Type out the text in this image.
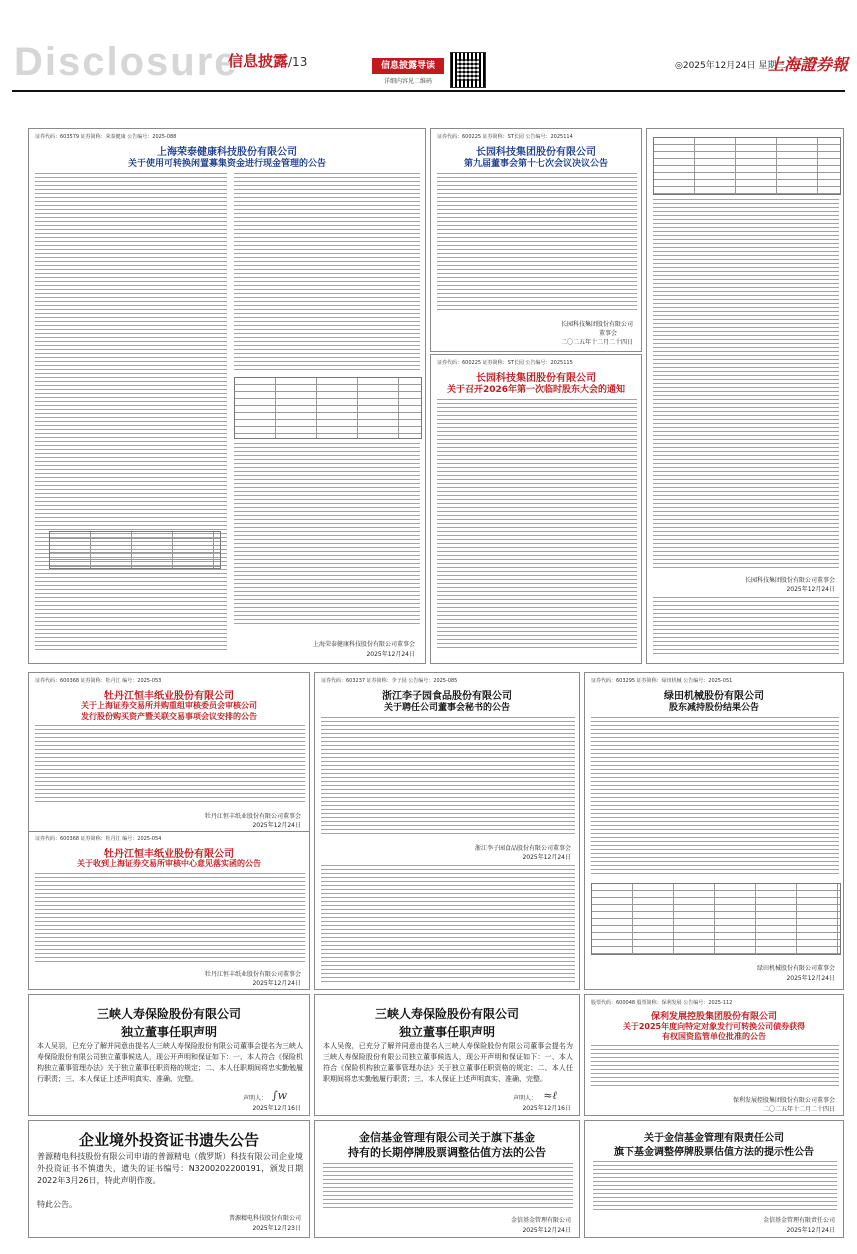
Disclosure
信息披露/13	信息披露导读
详细内容见二维码
◎2025年12月24日 星期三
上海證券報
证券代码：603579 证券简称：荣泰健康 公告编号：2025-088
上海荣泰健康科技股份有限公司
关于使用可转换闲置募集资金进行现金管理的公告
上海荣泰健康科技股份有限公司董事会
2025年12月24日
证券代码：600225 证券简称：ST长园 公告编号：2025114
长园科技集团股份有限公司
第九届董事会第十七次会议决议公告
长园科技集团股份有限公司
董事会
二〇二五年十二月二十四日
证券代码：600225 证券简称：ST长园 公告编号：2025115
长园科技集团股份有限公司
关于召开2026年第一次临时股东大会的通知
长园科技集团股份有限公司董事会
2025年12月24日
证券代码：600368 证券简称：牡丹江 编号：2025-053
牡丹江恒丰纸业股份有限公司
关于上海证券交易所并购重组审核委员会审核公司
发行股份购买资产暨关联交易事项会议安排的公告
牡丹江恒丰纸业股份有限公司董事会
2025年12月24日
证券代码：600368 证券简称：牡丹江 编号：2025-054
牡丹江恒丰纸业股份有限公司
关于收到上海证券交易所审核中心意见落实函的公告
牡丹江恒丰纸业股份有限公司董事会
2025年12月24日
证券代码：603237 证券简称：李子园 公告编号：2025-085
浙江李子园食品股份有限公司
关于聘任公司董事会秘书的公告
浙江李子园食品股份有限公司董事会
2025年12月24日
证券代码：603295 证券简称：绿田机械 公告编号：2025-051
绿田机械股份有限公司
股东减持股份结果公告
绿田机械股份有限公司董事会
2025年12月24日
三峡人寿保险股份有限公司
独立董事任职声明
本人吴羽，已充分了解并同意由提名人三峡人寿保险股份有限公司董事会提名为三峡人寿保险股份有限公司独立董事候选人，现公开声明和保证如下：一、本人符合《保险机构独立董事管理办法》关于独立董事任职资格的规定；二、本人任职期间将忠实勤勉履行职责；三、本人保证上述声明真实、准确、完整。
声明人： ∫w
2025年12月16日
三峡人寿保险股份有限公司
独立董事任职声明
本人吴俊，已充分了解并同意由提名人三峡人寿保险股份有限公司董事会提名为三峡人寿保险股份有限公司独立董事候选人，现公开声明和保证如下：一、本人符合《保险机构独立董事管理办法》关于独立董事任职资格的规定；二、本人任职期间将忠实勤勉履行职责；三、本人保证上述声明真实、准确、完整。
声明人： ≈ℓ
2025年12月16日
股票代码：600048 股票简称：保利发展 公告编号：2025-112
保利发展控股集团股份有限公司
关于2025年度向特定对象发行可转换公司债券获得
有权国资监管单位批准的公告
保利发展控股集团股份有限公司董事会
二〇二五年十二月二十四日
企业境外投资证书遗失公告
普源精电科技股份有限公司申请的普源精电（俄罗斯）科技有限公司企业境外投资证书不慎遗失，遗失的证书编号：N3200202200191，颁发日期2022年3月26日，特此声明作废。
特此公告。
普源精电科技股份有限公司
2025年12月23日
金信基金管理有限公司关于旗下基金
持有的长期停牌股票调整估值方法的公告
金信基金管理有限公司
2025年12月24日
关于金信基金管理有限责任公司
旗下基金调整停牌股票估值方法的提示性公告
金信基金管理有限责任公司
2025年12月24日
